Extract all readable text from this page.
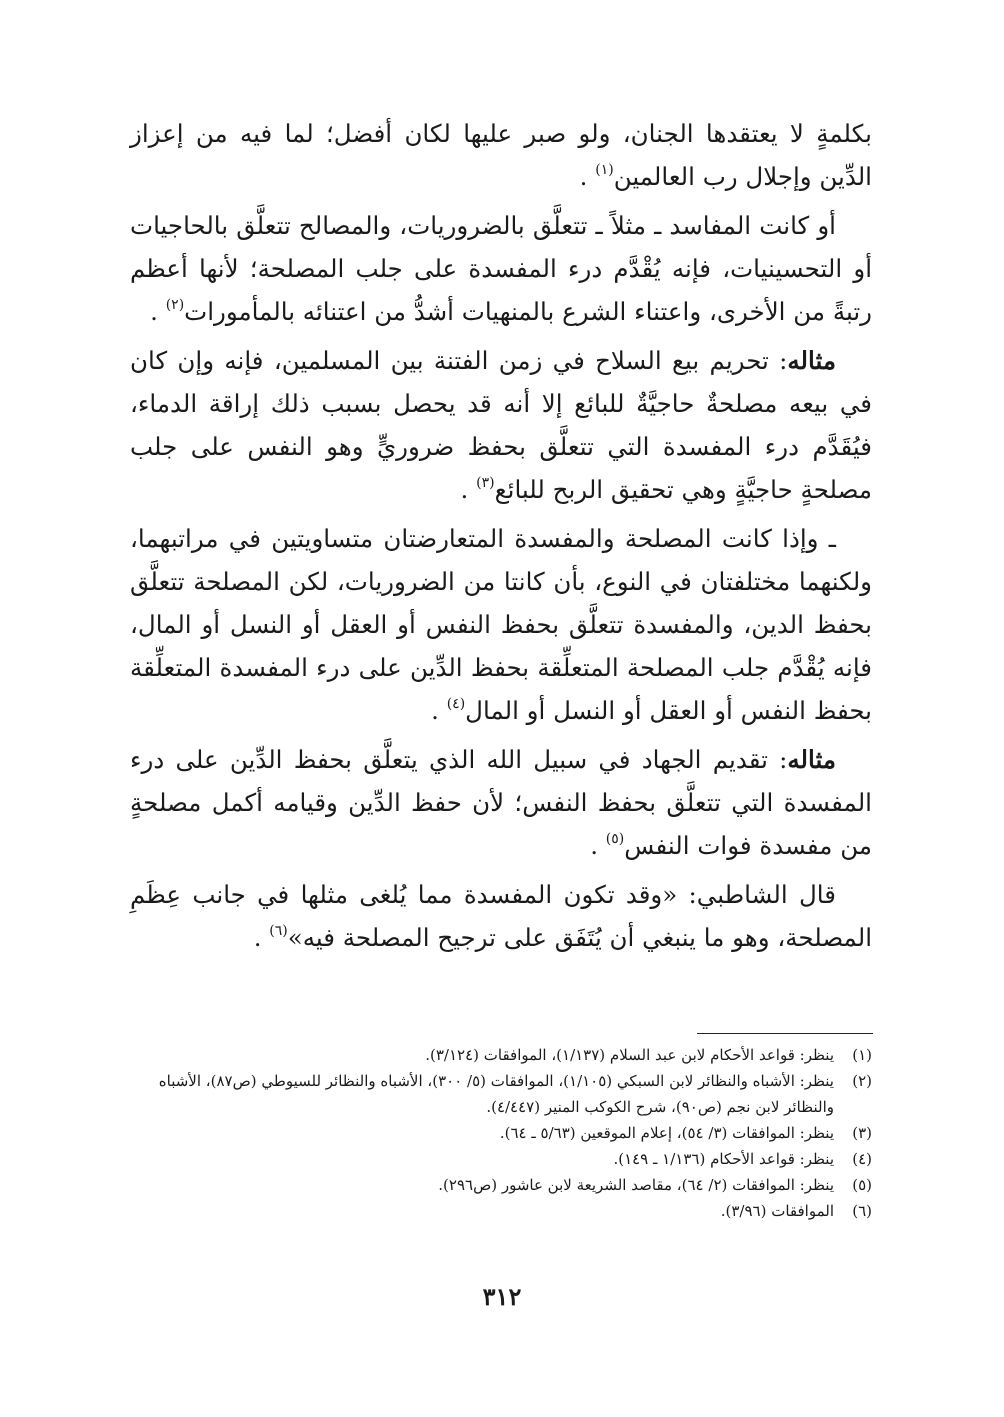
بكلمةٍ لا يعتقدها الجنان، ولو صبر عليها لكان أفضل؛ لما فيه من إعزاز الدِّين وإجلال رب العالمين$^{(١)}$ .

أو كانت المفاسد ـ مثلاً ـ تتعلَّق بالضروريات، والمصالح تتعلَّق بالحاجيات أو التحسينيات، فإنه يُقْدَّم درء المفسدة على جلب المصلحة؛ لأنها أعظم رتبةً من الأخرى، واعتناء الشرع بالمنهيات أشدُّ من اعتنائه بالمأمورات$^{(٢)}$ .

مثاله: تحريم بيع السلاح في زمن الفتنة بين المسلمين، فإنه وإن كان في بيعه مصلحةٌ حاجيَّةٌ للبائع إلا أنه قد يحصل بسبب ذلك إراقة الدماء، فيُقَدَّم درء المفسدة التي تتعلَّق بحفظ ضروريٍّ وهو النفس على جلب مصلحةٍ حاجيَّةٍ وهي تحقيق الربح للبائع$^{(٣)}$ .

ـ وإذا كانت المصلحة والمفسدة المتعارضتان متساويتين في مراتبهما، ولكنهما مختلفتان في النوع، بأن كانتا من الضروريات، لكن المصلحة تتعلَّق بحفظ الدين، والمفسدة تتعلَّق بحفظ النفس أو العقل أو النسل أو المال، فإنه يُقْدَّم جلب المصلحة المتعلِّقة بحفظ الدِّين على درء المفسدة المتعلِّقة بحفظ النفس أو العقل أو النسل أو المال$^{(٤)}$ .

مثاله: تقديم الجهاد في سبيل الله الذي يتعلَّق بحفظ الدِّين على درء المفسدة التي تتعلَّق بحفظ النفس؛ لأن حفظ الدِّين وقيامه أكمل مصلحةٍ من مفسدة فوات النفس$^{(٥)}$ .

قال الشاطبي: «وقد تكون المفسدة مما يُلغى مثلها في جانب عِظَمِ المصلحة، وهو ما ينبغي أن يُتَفَق على ترجيح المصلحة فيه»$^{(٦)}$ .

(١)
ينظر: قواعد الأحكام لابن عبد السلام (١/١٣٧)، الموافقات (٣/١٢٤).
(٢)
ينظر: الأشباه والنظائر لابن السبكي (١/١٠٥)، الموافقات (٥/ ٣٠٠)، الأشباه والنظائر للسيوطي (ص٨٧)، الأشباه والنظائر لابن نجم (ص٩٠)، شرح الكوكب المنير (٤/٤٤٧).
(٣)
ينظر: الموافقات (٣/ ٥٤)، إعلام الموقعين (٥/٦٣ ـ ٦٤).
(٤)
ينظر: قواعد الأحكام (١/١٣٦ ـ ١٤٩).
(٥)
ينظر: الموافقات (٢/ ٦٤)، مقاصد الشريعة لابن عاشور (ص٢٩٦).
(٦)
الموافقات (٣/٩٦).
٣١٢
